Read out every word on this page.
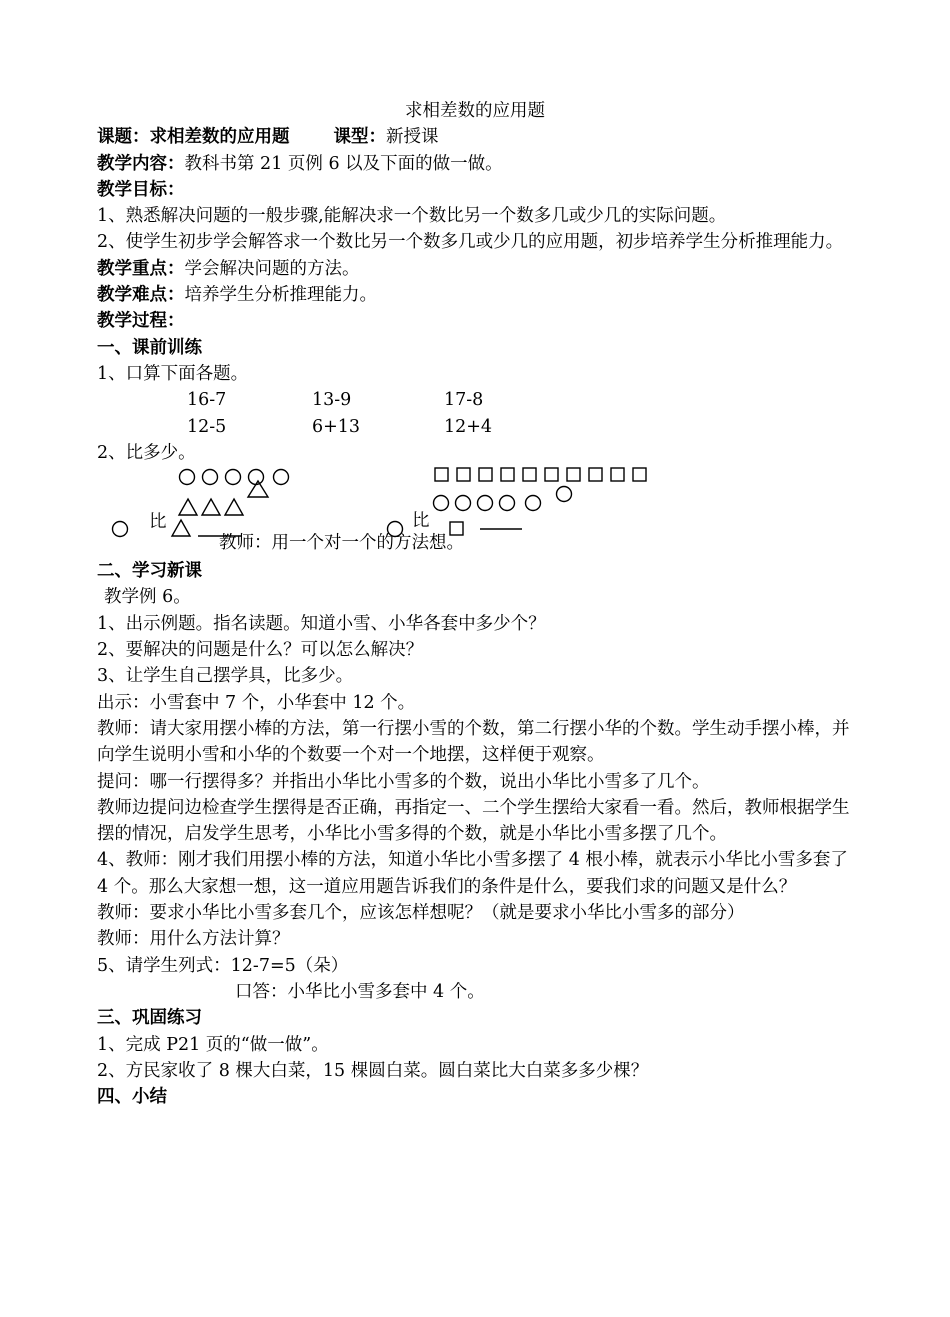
求相差数的应用题
课题：求相差数的应用题	课型：新授课
教学内容：教科书第 21 页例 6 以及下面的做一做。
教学目标：
1、熟悉解决问题的一般步骤,能解决求一个数比另一个数多几或少几的实际问题。
2、使学生初步学会解答求一个数比另一个数多几或少几的应用题，初步培养学生分析推理能力。
教学重点：学会解决问题的方法。
教学难点：培养学生分析推理能力。
教学过程：
一、课前训练
1、口算下面各题。
16-7	13-9	17-8
12-5	6+13	12+4
2、比多少。
比	比
教师：用一个对一个的方法想。
二、学习新课
教学例 6。
1、出示例题。指名读题。知道小雪、小华各套中多少个？
2、要解决的问题是什么？可以怎么解决？
3、让学生自己摆学具，比多少。
出示：小雪套中 7 个，小华套中 12 个。
教师：请大家用摆小棒的方法，第一行摆小雪的个数，第二行摆小华的个数。学生动手摆小棒，并向学生说明小雪和小华的个数要一个对一个地摆，这样便于观察。
提问：哪一行摆得多？并指出小华比小雪多的个数，说出小华比小雪多了几个。
教师边提问边检查学生摆得是否正确，再指定一、二个学生摆给大家看一看。然后，教师根据学生摆的情况，启发学生思考，小华比小雪多得的个数，就是小华比小雪多摆了几个。
4、教师：刚才我们用摆小棒的方法，知道小华比小雪多摆了 4 根小棒，就表示小华比小雪多套了 4 个。那么大家想一想，这一道应用题告诉我们的条件是什么，要我们求的问题又是什么？
教师：要求小华比小雪多套几个，应该怎样想呢？（就是要求小华比小雪多的部分）
教师：用什么方法计算？
5、请学生列式：12-7=5（朵）
口答：小华比小雪多套中 4 个。
三、巩固练习
1、完成 P21 页的“做一做”。
2、方民家收了 8 棵大白菜，15 棵圆白菜。圆白菜比大白菜多多少棵？
四、小结
